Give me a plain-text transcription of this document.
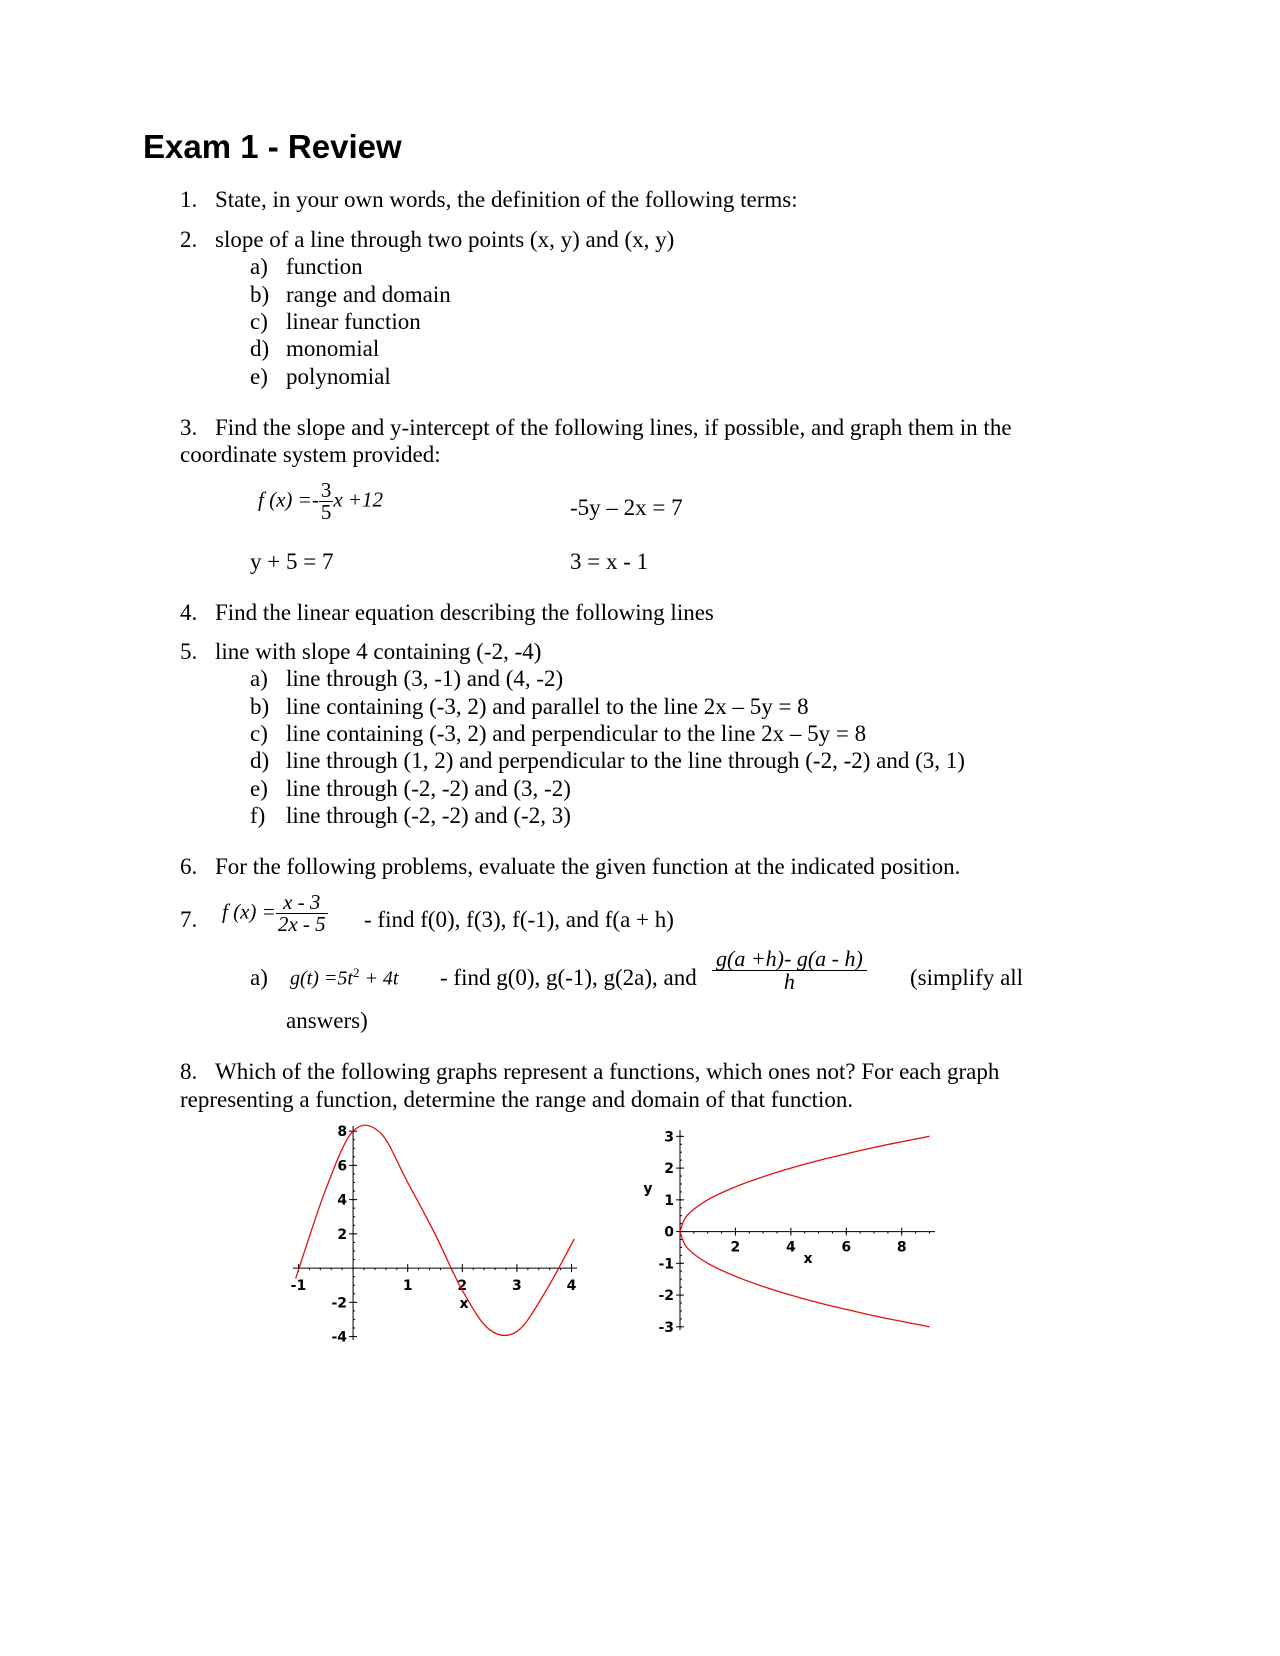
Exam 1 - Review
1. State, in your own words, the definition of the following terms:
2. slope of a line through two points (x, y) and (x, y)
a) function
b) range and domain
c) linear function
d) monomial
e) polynomial
3. Find the slope and y-intercept of the following lines, if possible, and graph them in the
coordinate system provided:
f $(x) =- \frac{3}{5}$ x +12	-5y – 2x = 7
y + 5 = 7	3 = x - 1
4. Find the linear equation describing the following lines
5. line with slope 4 containing (-2, -4)
a) line through (3, -1) and (4, -2)
b) line containing (-3, 2) and parallel to the line 2x – 5y = 8
c) line containing (-3, 2) and perpendicular to the line 2x – 5y = 8
d) line through (1, 2) and perpendicular to the line through (-2, -2) and (3, 1)
e) line through (-2, -2) and (3, -2)
f) line through (-2, -2) and (-2, 3)
6. For the following problems, evaluate the given function at the indicated position.
7. f $(x) = \frac{x - 3}{2x - 5}$ - find f(0), f(3), f(-1), and f(a + h)
a) $g(t) =5t^2 + 4t$ - find g(0), g(-1), g(2a), and $\frac{g(a +h)- g(a - h)}{h}$ (simplify all
answers)
8. Which of the following graphs represent a functions, which ones not? For each graph
representing a function, determine the range and domain of that function.
-1	1	2	3	4
8
6
4
2
-2
-4
x
2	4	6	8
3
2
1
0
-1
-2
-3
x
y
